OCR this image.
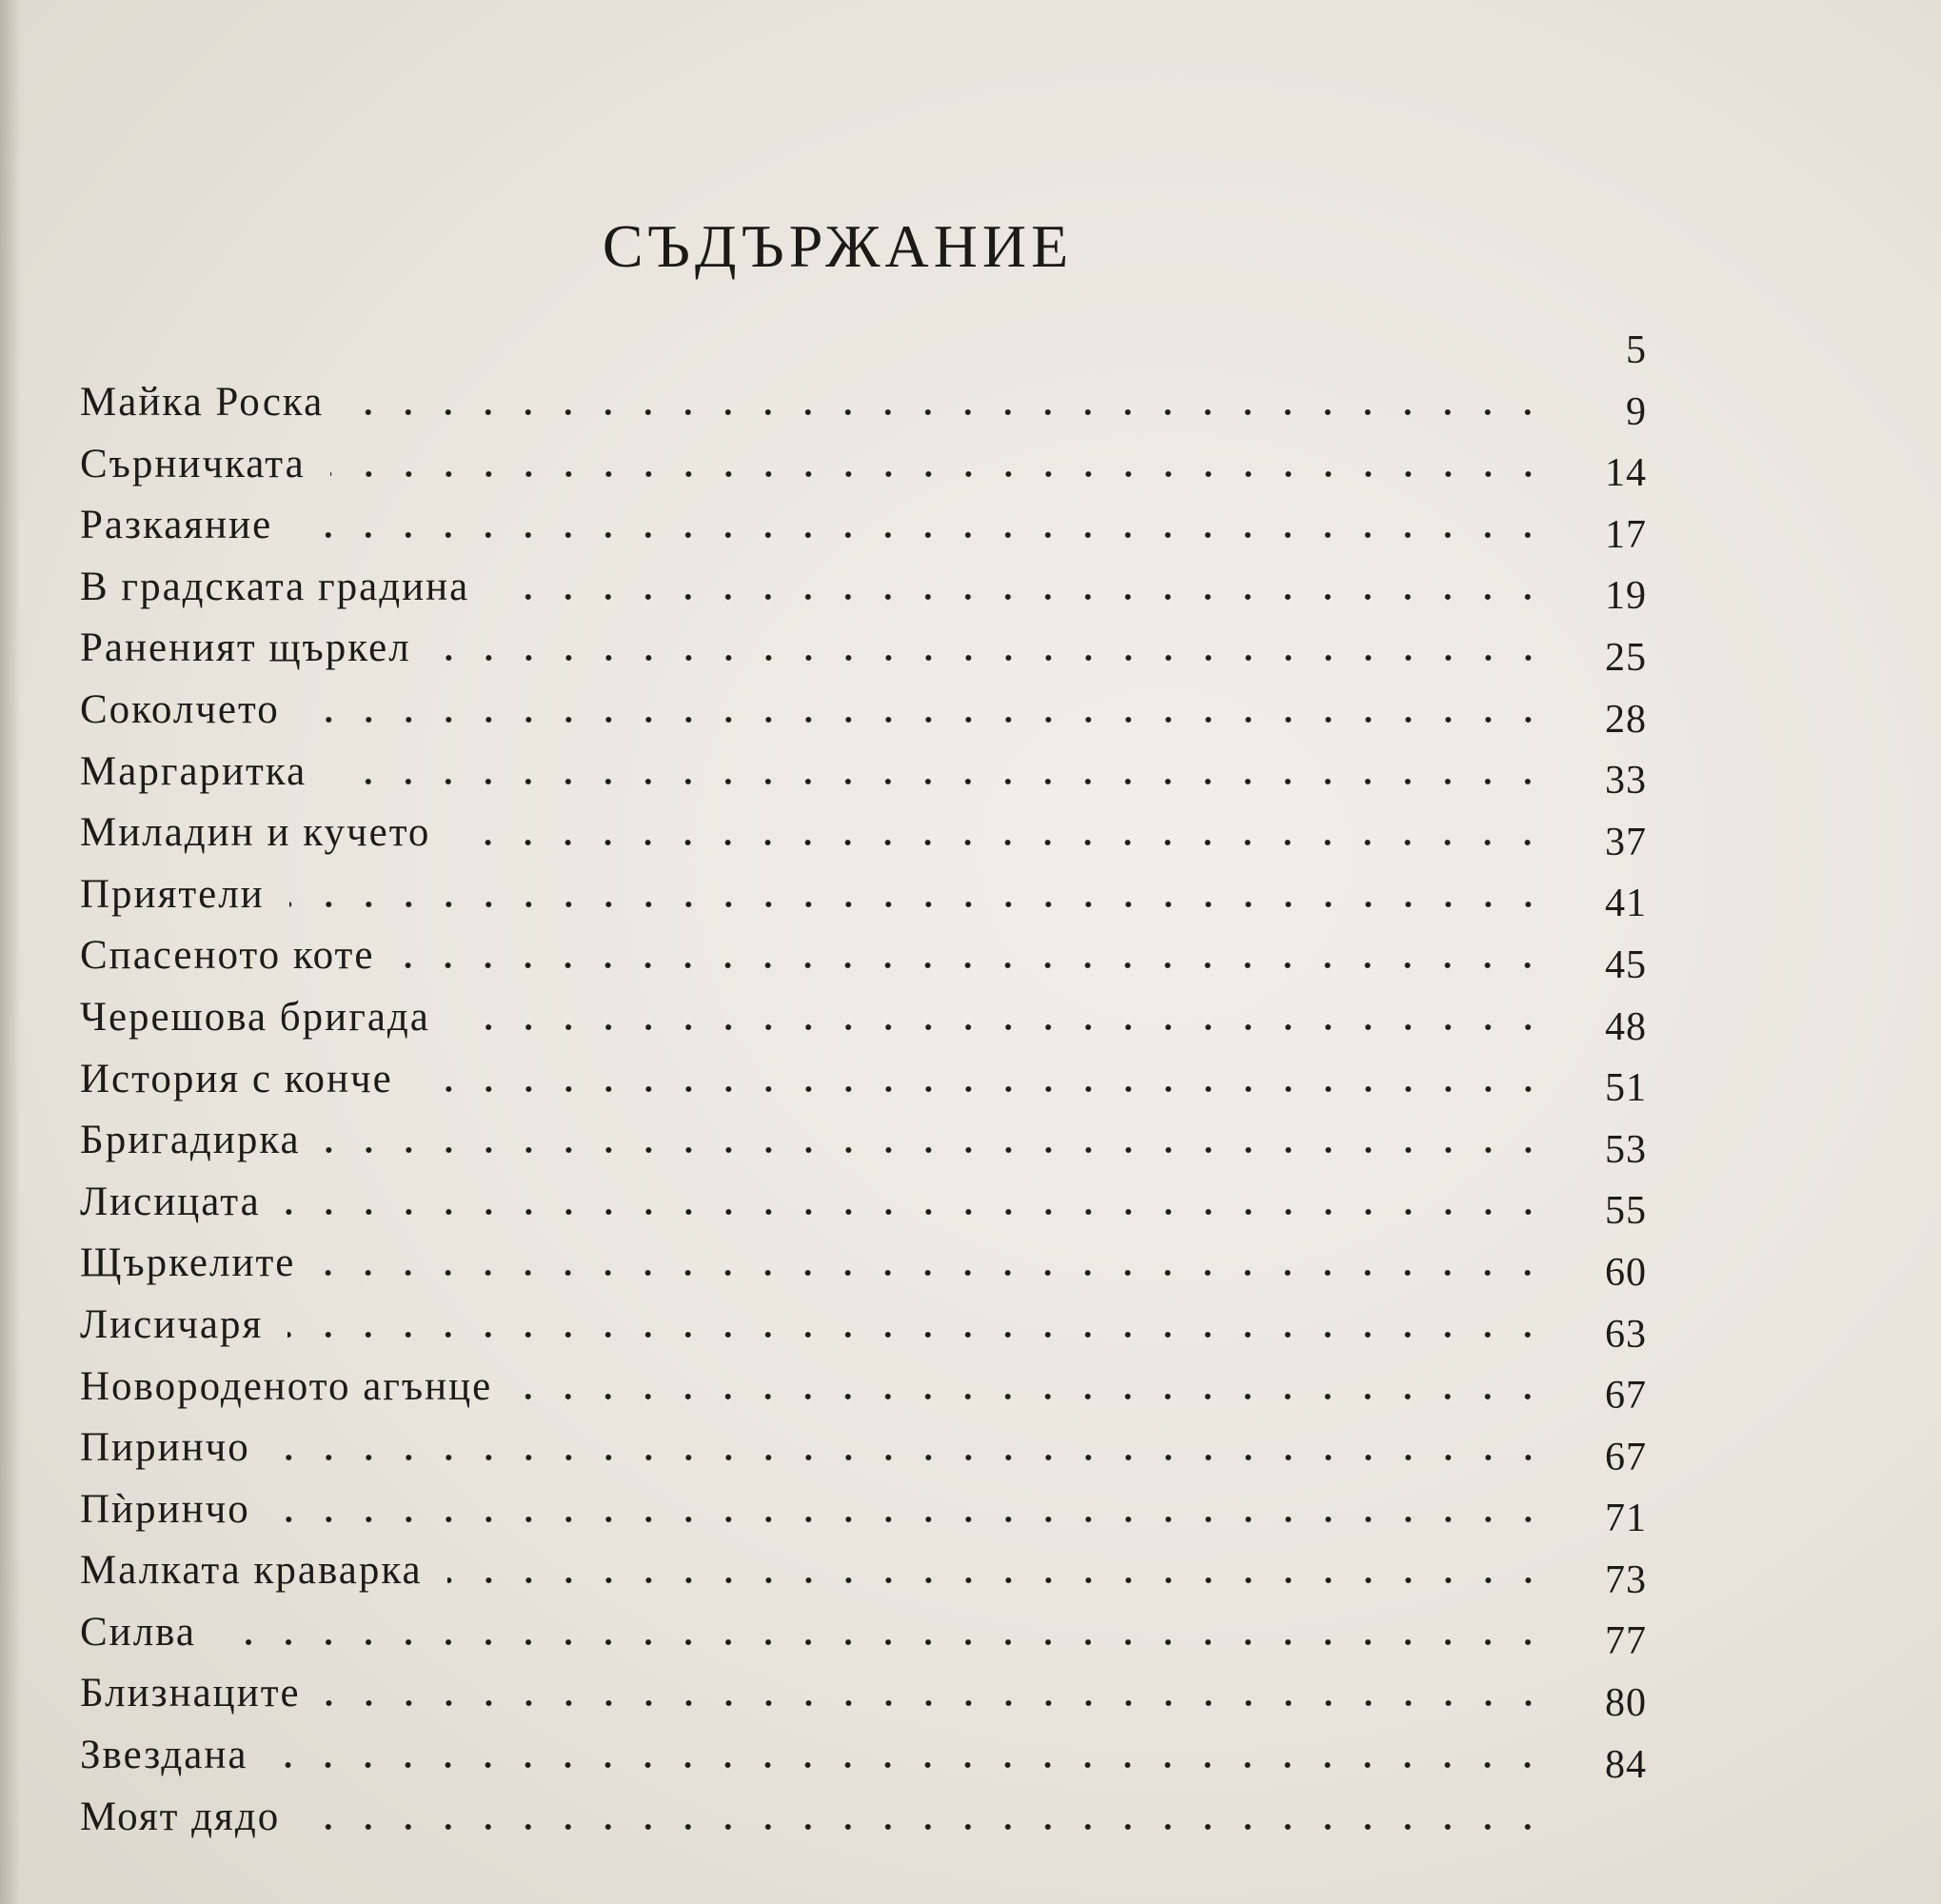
СЪДЪРЖАНИЕ
Майка Роска
5
Сърничката
9
Разкаяние
14
В градската градина
17
Раненият щъркел
19
Соколчето
25
Маргаритка
28
Миладин и кучето
33
Приятели
37
Спасеното коте
41
Черешова бригада
45
История с конче
48
Бригадирка
51
Лисицата
53
Щъркелите
55
Лисичаря
60
Новороденото агънце
63
Пиринчо
67
Пѝринчо
67
Малката краварка
71
Силва
73
Близнаците
77
Звездана
80
Моят дядо
84
